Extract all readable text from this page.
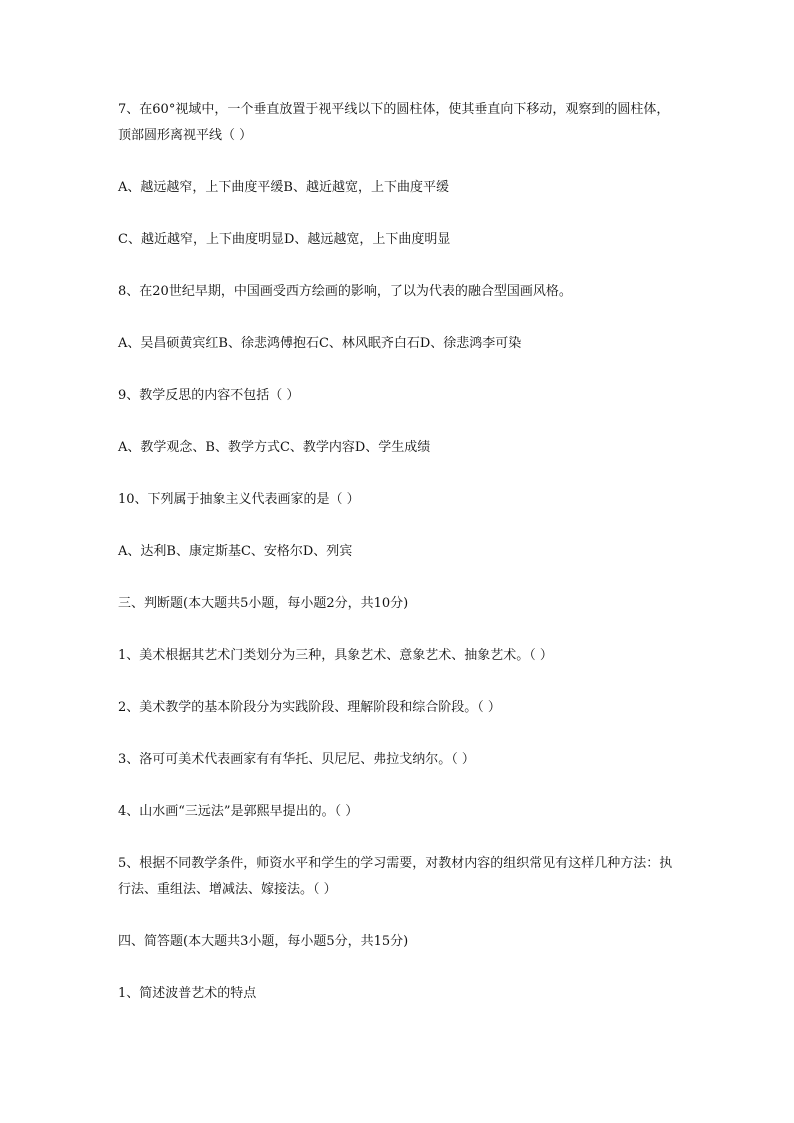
7、在60°视域中，一个垂直放置于视平线以下的圆柱体，使其垂直向下移动，观察到的圆柱体，顶部圆形离视平线（ ）

A、越远越窄，上下曲度平缓B、越近越宽，上下曲度平缓

C、越近越窄，上下曲度明显D、越远越宽，上下曲度明显

8、在20世纪早期，中国画受西方绘画的影响，了以为代表的融合型国画风格。

A、吴昌硕黄宾红B、徐悲鸿傅抱石C、林风眠齐白石D、徐悲鸿李可染

9、教学反思的内容不包括（ ）

A、教学观念、B、教学方式C、教学内容D、学生成绩

10、下列属于抽象主义代表画家的是（ ）

A、达利B、康定斯基C、安格尔D、列宾

三、判断题(本大题共5小题，每小题2分，共10分)

1、美术根据其艺术门类划分为三种，具象艺术、意象艺术、抽象艺术。（ ）

2、美术教学的基本阶段分为实践阶段、理解阶段和综合阶段。（ ）

3、洛可可美术代表画家有有华托、贝尼尼、弗拉戈纳尔。（ ）

4、山水画“三远法”是郭熙早提出的。（ ）

5、根据不同教学条件，师资水平和学生的学习需要，对教材内容的组织常见有这样几种方法：执行法、重组法、增减法、嫁接法。（ ）

四、简答题(本大题共3小题，每小题5分，共15分)

1、简述波普艺术的特点
